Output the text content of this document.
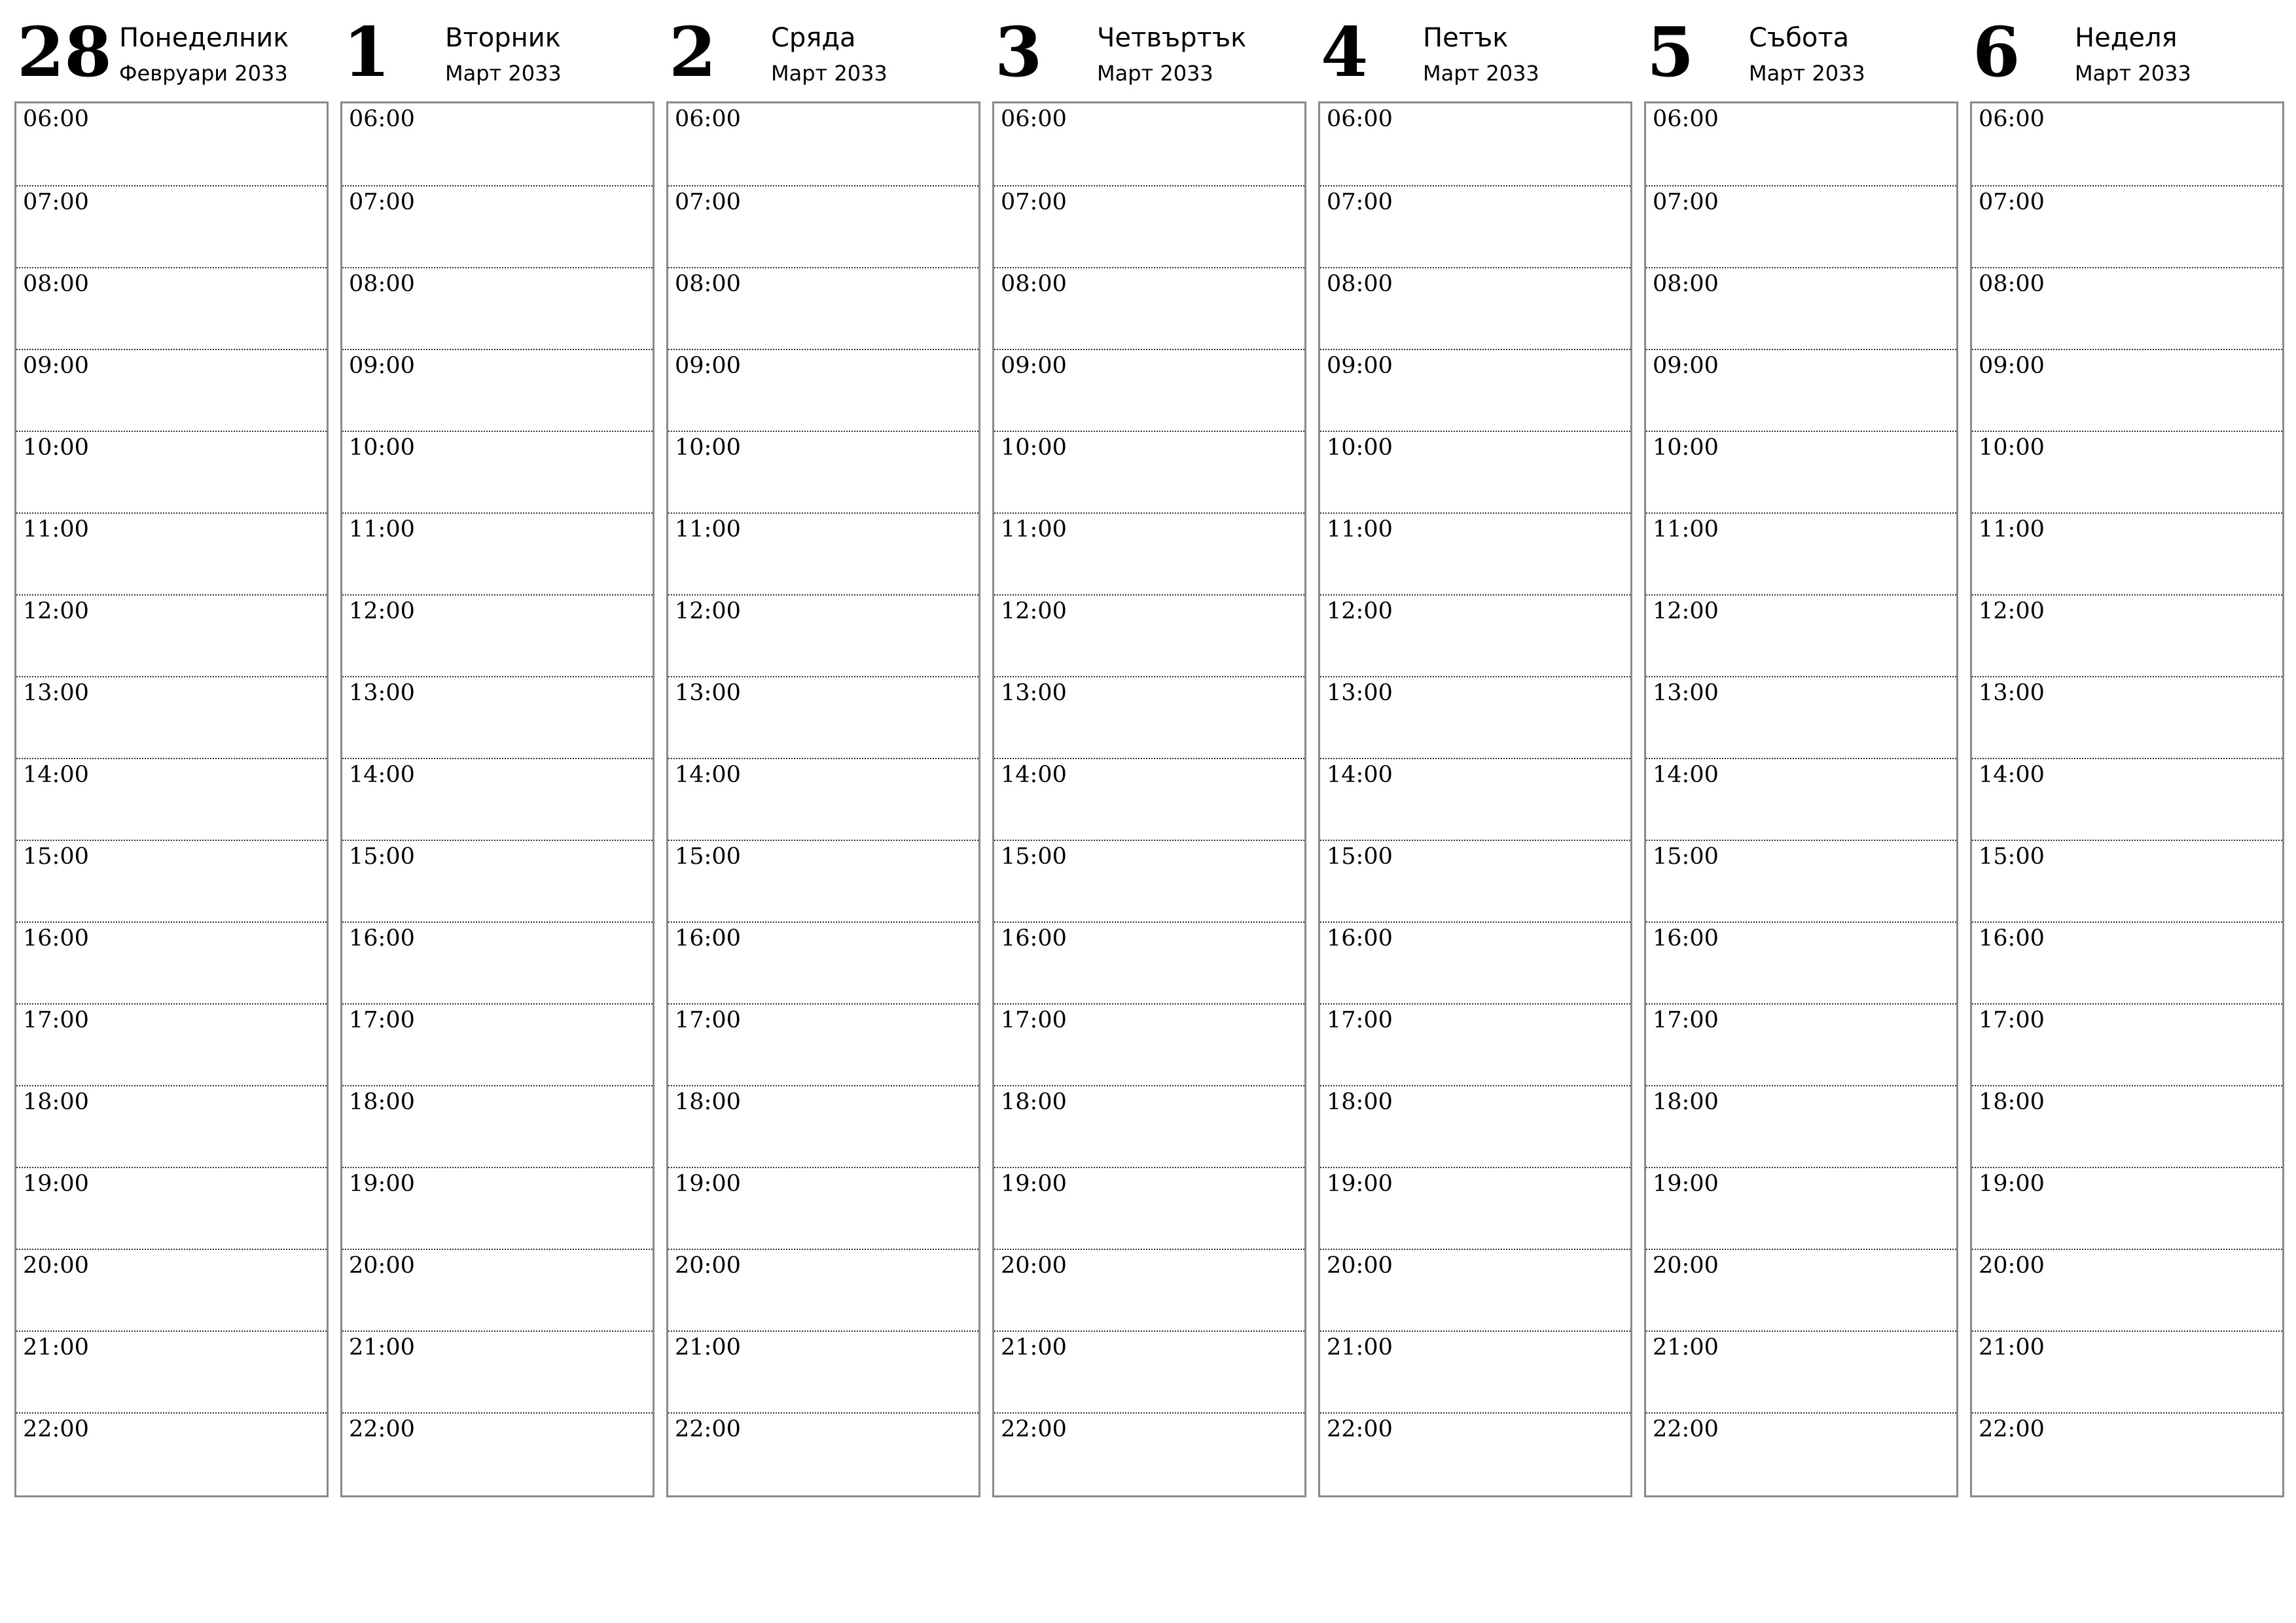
28 Понеделник
Февруари 2033
06:00
07:00
08:00
09:00
10:00
11:00
12:00
13:00
14:00
15:00
16:00
17:00
18:00
19:00
20:00
21:00
22:00
1 Вторник
Март 2033
06:00
07:00
08:00
09:00
10:00
11:00
12:00
13:00
14:00
15:00
16:00
17:00
18:00
19:00
20:00
21:00
22:00
2 Сряда
Март 2033
06:00
07:00
08:00
09:00
10:00
11:00
12:00
13:00
14:00
15:00
16:00
17:00
18:00
19:00
20:00
21:00
22:00
3 Четвъртък
Март 2033
06:00
07:00
08:00
09:00
10:00
11:00
12:00
13:00
14:00
15:00
16:00
17:00
18:00
19:00
20:00
21:00
22:00
4 Петък
Март 2033
06:00
07:00
08:00
09:00
10:00
11:00
12:00
13:00
14:00
15:00
16:00
17:00
18:00
19:00
20:00
21:00
22:00
5 Събота
Март 2033
06:00
07:00
08:00
09:00
10:00
11:00
12:00
13:00
14:00
15:00
16:00
17:00
18:00
19:00
20:00
21:00
22:00
6 Неделя
Март 2033
06:00
07:00
08:00
09:00
10:00
11:00
12:00
13:00
14:00
15:00
16:00
17:00
18:00
19:00
20:00
21:00
22:00
